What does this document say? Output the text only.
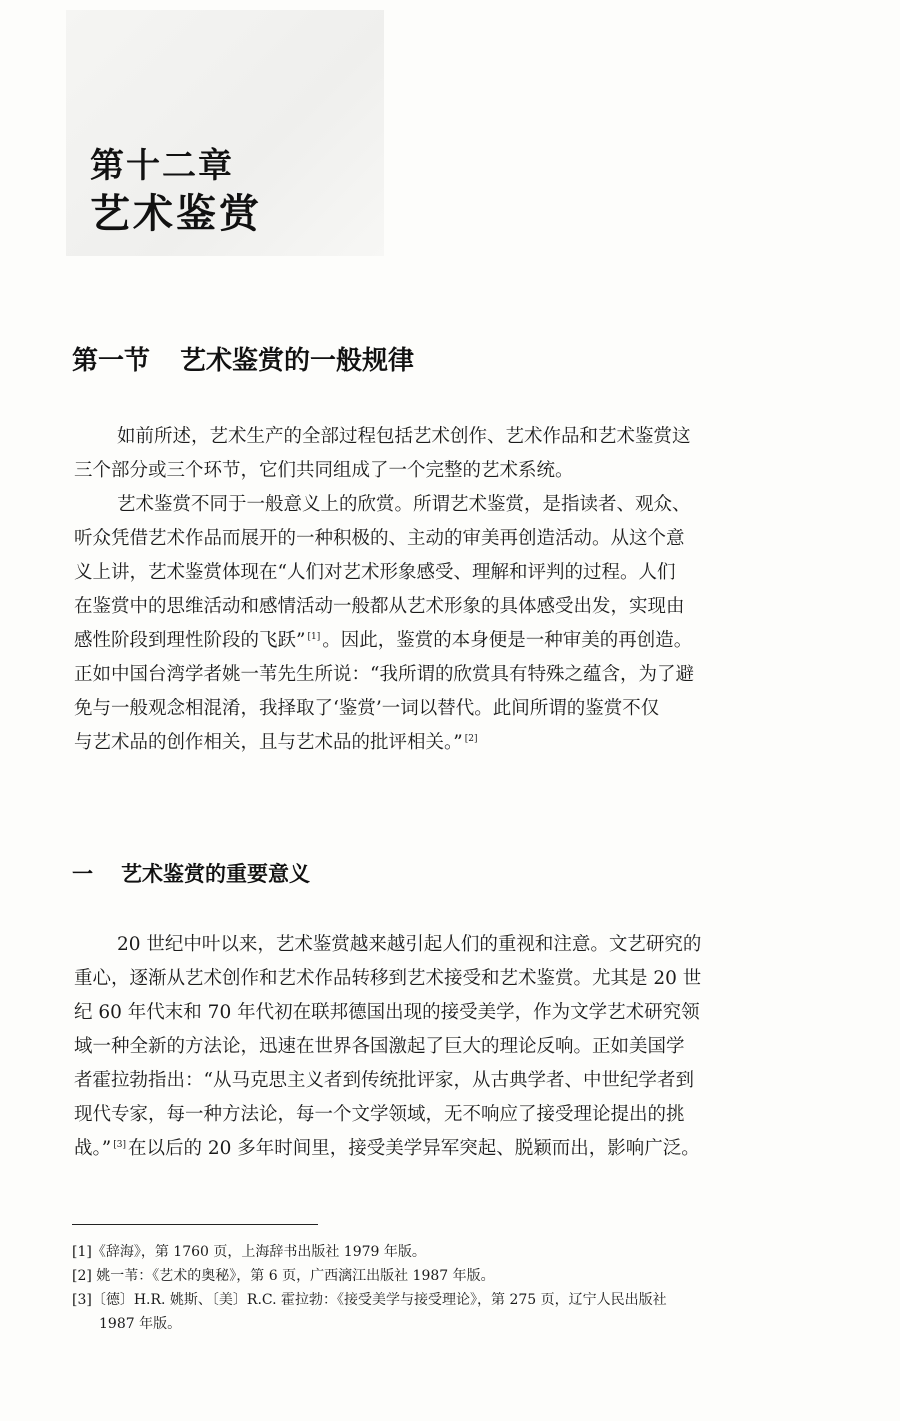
第十二章
艺术鉴赏
第一节 艺术鉴赏的一般规律

如前所述，艺术生产的全部过程包括艺术创作、艺术作品和艺术鉴赏这
三个部分或三个环节，它们共同组成了一个完整的艺术系统。

艺术鉴赏不同于一般意义上的欣赏。所谓艺术鉴赏，是指读者、观众、
听众凭借艺术作品而展开的一种积极的、主动的审美再创造活动。从这个意
义上讲，艺术鉴赏体现在“人们对艺术形象感受、理解和评判的过程。人们
在鉴赏中的思维活动和感情活动一般都从艺术形象的具体感受出发，实现由
感性阶段到理性阶段的飞跃” [1] 。因此，鉴赏的本身便是一种审美的再创造。
正如中国台湾学者姚一苇先生所说：“我所谓的欣赏具有特殊之蕴含，为了避
免与一般观念相混淆，我择取了‘鉴赏’一词以替代。此间所谓的鉴赏不仅
与艺术品的创作相关，且与艺术品的批评相关。” [2]

一 艺术鉴赏的重要意义

20 世纪中叶以来，艺术鉴赏越来越引起人们的重视和注意。文艺研究的
重心，逐渐从艺术创作和艺术作品转移到艺术接受和艺术鉴赏。尤其是 20 世
纪 60 年代末和 70 年代初在联邦德国出现的接受美学，作为文学艺术研究领
域一种全新的方法论，迅速在世界各国激起了巨大的理论反响。正如美国学
者霍拉勃指出：“从马克思主义者到传统批评家，从古典学者、中世纪学者到
现代专家，每一种方法论，每一个文学领域，无不响应了接受理论提出的挑
战。” [3] 在以后的 20 多年时间里，接受美学异军突起、脱颖而出，影响广泛。

[1]《辞海》，第 1760 页，上海辞书出版社 1979 年版。
[2] 姚一苇：《艺术的奥秘》，第 6 页，广西漓江出版社 1987 年版。
[3]〔德〕H.R. 姚斯、〔美〕R.C. 霍拉勃：《接受美学与接受理论》，第 275 页，辽宁人民出版社
1987 年版。
